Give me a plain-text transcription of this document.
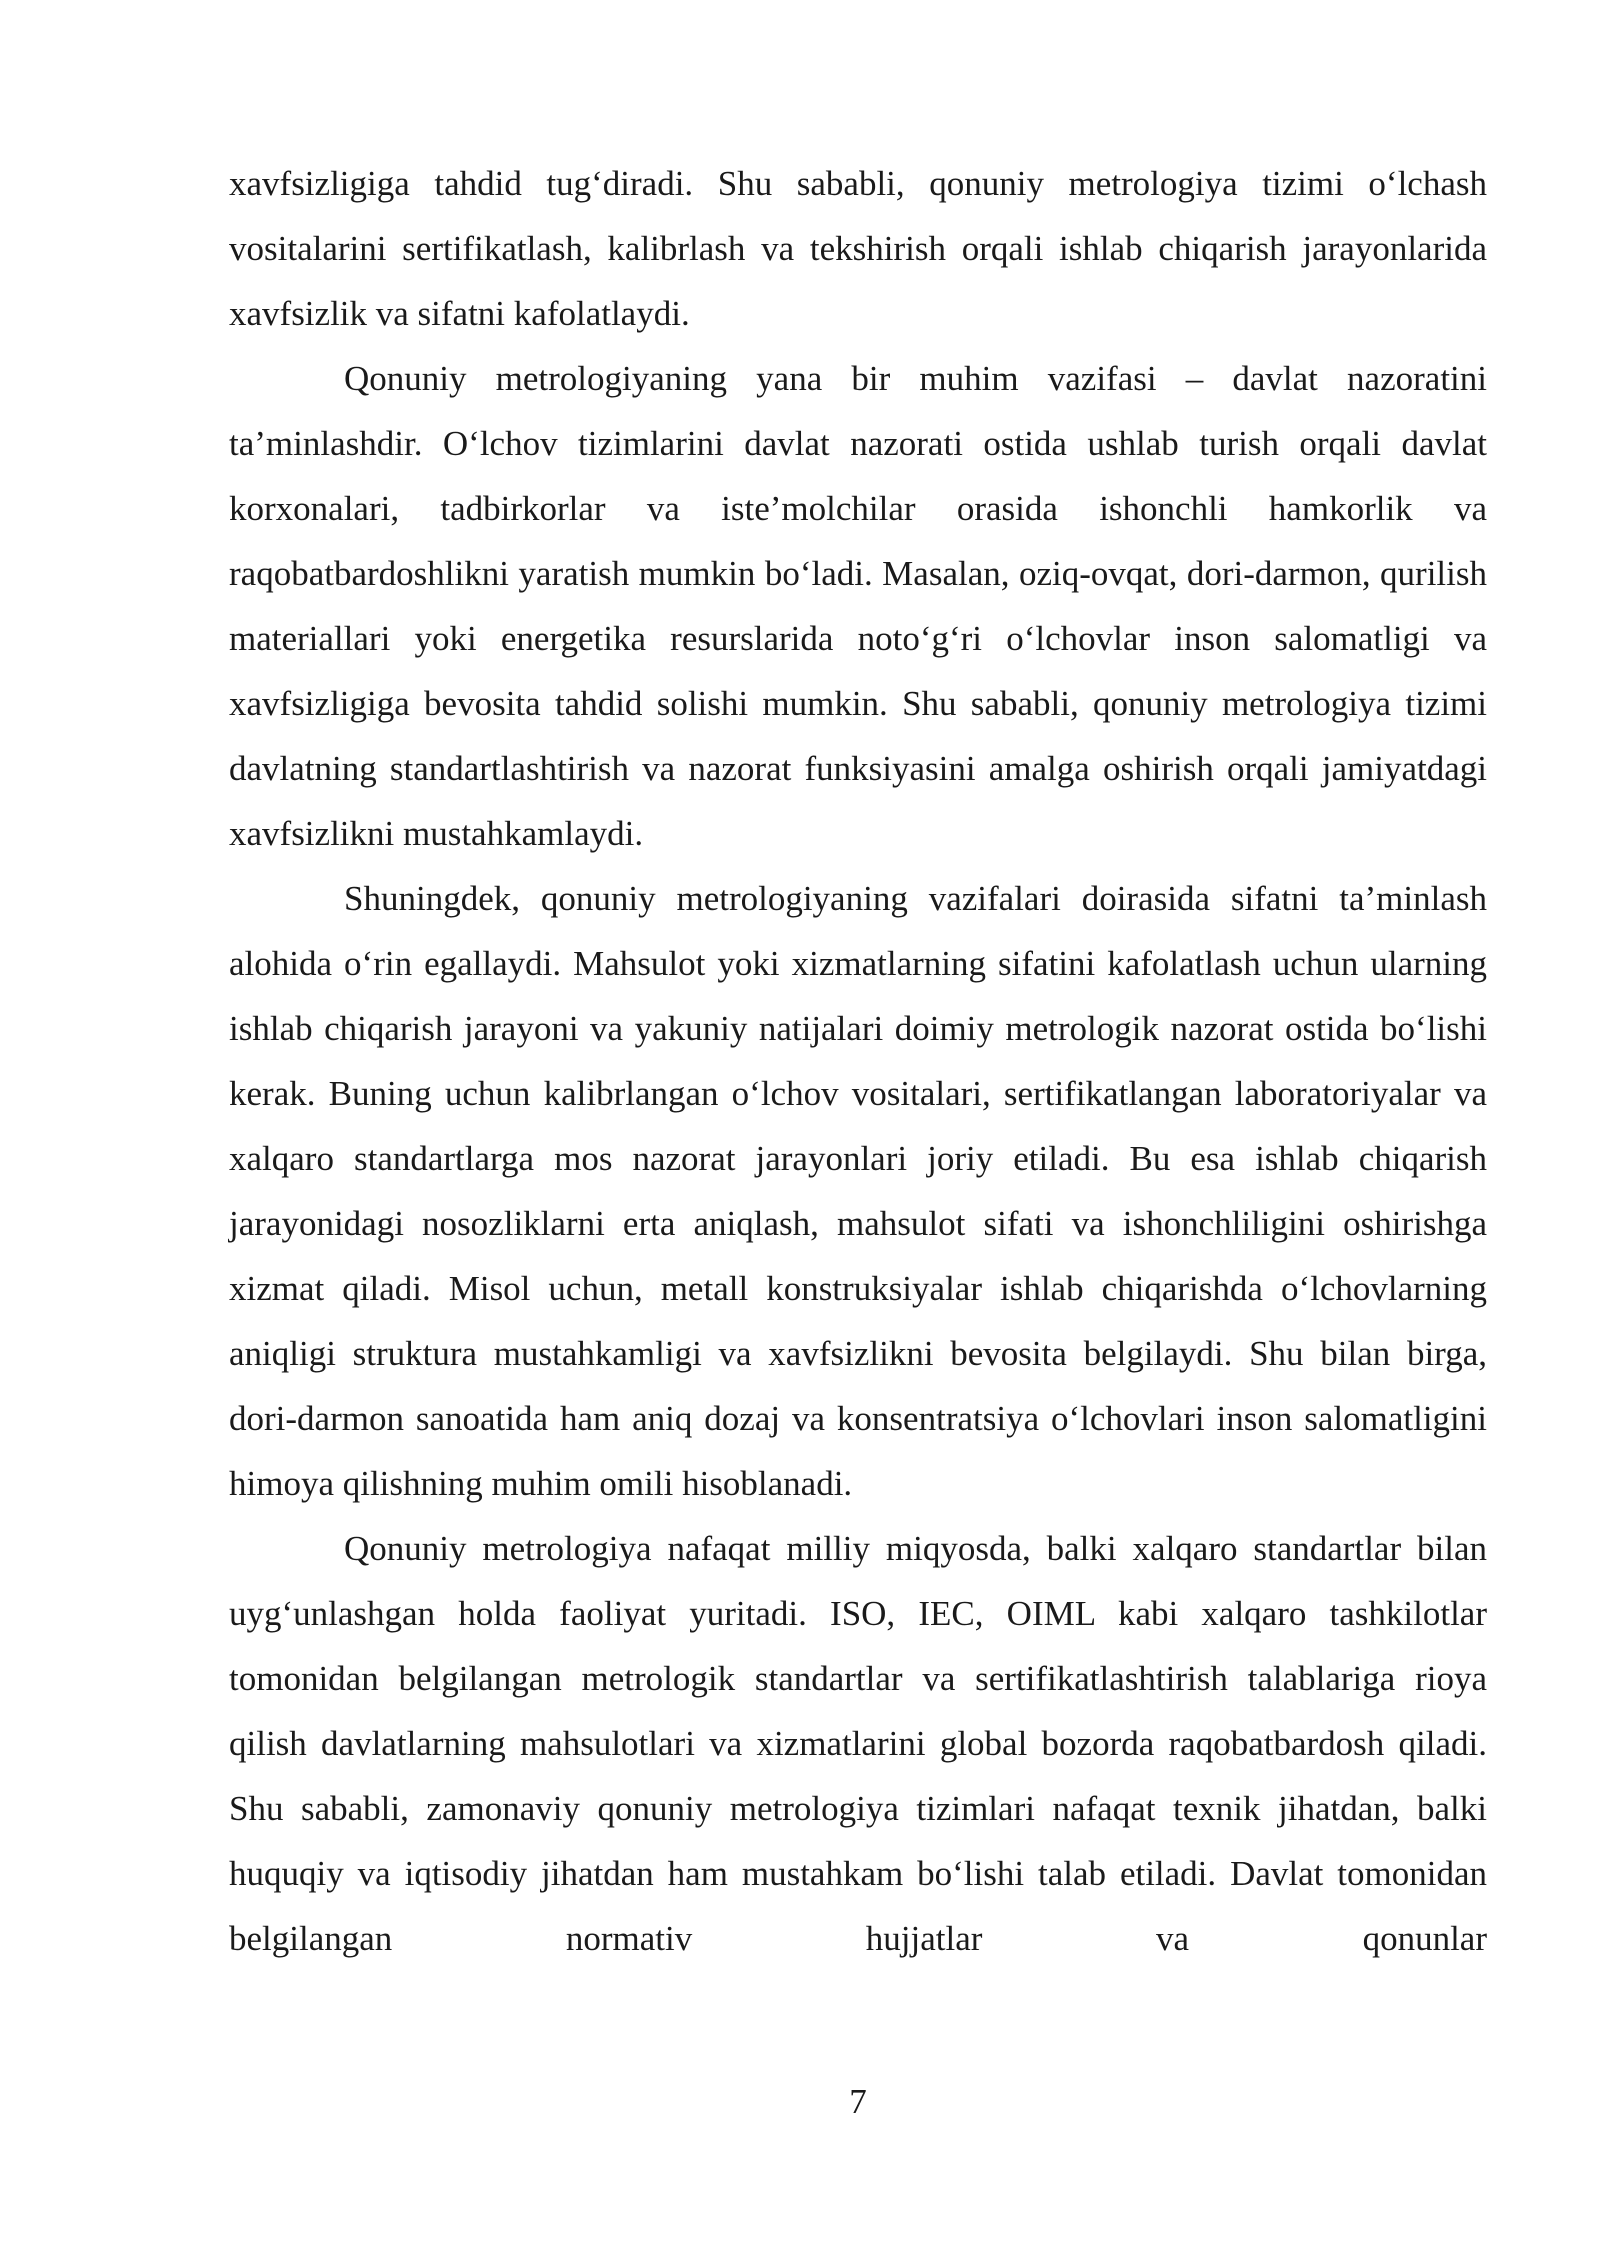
xavfsizligiga tahdid tug‘diradi. Shu sababli, qonuniy metrologiya tizimi o‘lchash vositalarini sertifikatlash, kalibrlash va tekshirish orqali ishlab chiqarish jarayonlarida xavfsizlik va sifatni kafolatlaydi.

Qonuniy metrologiyaning yana bir muhim vazifasi – davlat nazoratini ta’minlashdir. O‘lchov tizimlarini davlat nazorati ostida ushlab turish orqali davlat korxonalari, tadbirkorlar va iste’molchilar orasida ishonchli hamkorlik va raqobatbardoshlikni yaratish mumkin bo‘ladi. Masalan, oziq-ovqat, dori-darmon, qurilish materiallari yoki energetika resurslarida noto‘g‘ri o‘lchovlar inson salomatligi va xavfsizligiga bevosita tahdid solishi mumkin. Shu sababli, qonuniy metrologiya tizimi davlatning standartlashtirish va nazorat funksiyasini amalga oshirish orqali jamiyatdagi xavfsizlikni mustahkamlaydi.

Shuningdek, qonuniy metrologiyaning vazifalari doirasida sifatni ta’minlash alohida o‘rin egallaydi. Mahsulot yoki xizmatlarning sifatini kafolatlash uchun ularning ishlab chiqarish jarayoni va yakuniy natijalari doimiy metrologik nazorat ostida bo‘lishi kerak. Buning uchun kalibrlangan o‘lchov vositalari, sertifikatlangan laboratoriyalar va xalqaro standartlarga mos nazorat jarayonlari joriy etiladi. Bu esa ishlab chiqarish jarayonidagi nosozliklarni erta aniqlash, mahsulot sifati va ishonchliligini oshirishga xizmat qiladi. Misol uchun, metall konstruksiyalar ishlab chiqarishda o‘lchovlarning aniqligi struktura mustahkamligi va xavfsizlikni bevosita belgilaydi. Shu bilan birga, dori-darmon sanoatida ham aniq dozaj va konsentratsiya o‘lchovlari inson salomatligini himoya qilishning muhim omili hisoblanadi.

Qonuniy metrologiya nafaqat milliy miqyosda, balki xalqaro standartlar bilan uyg‘unlashgan holda faoliyat yuritadi. ISO, IEC, OIML kabi xalqaro tashkilotlar tomonidan belgilangan metrologik standartlar va sertifikatlashtirish talablariga rioya qilish davlatlarning mahsulotlari va xizmatlarini global bozorda raqobatbardosh qiladi. Shu sababli, zamonaviy qonuniy metrologiya tizimlari nafaqat texnik jihatdan, balki huquqiy va iqtisodiy jihatdan ham mustahkam bo‘lishi talab etiladi. Davlat tomonidan belgilangan normativ hujjatlar va qonunlar

7
